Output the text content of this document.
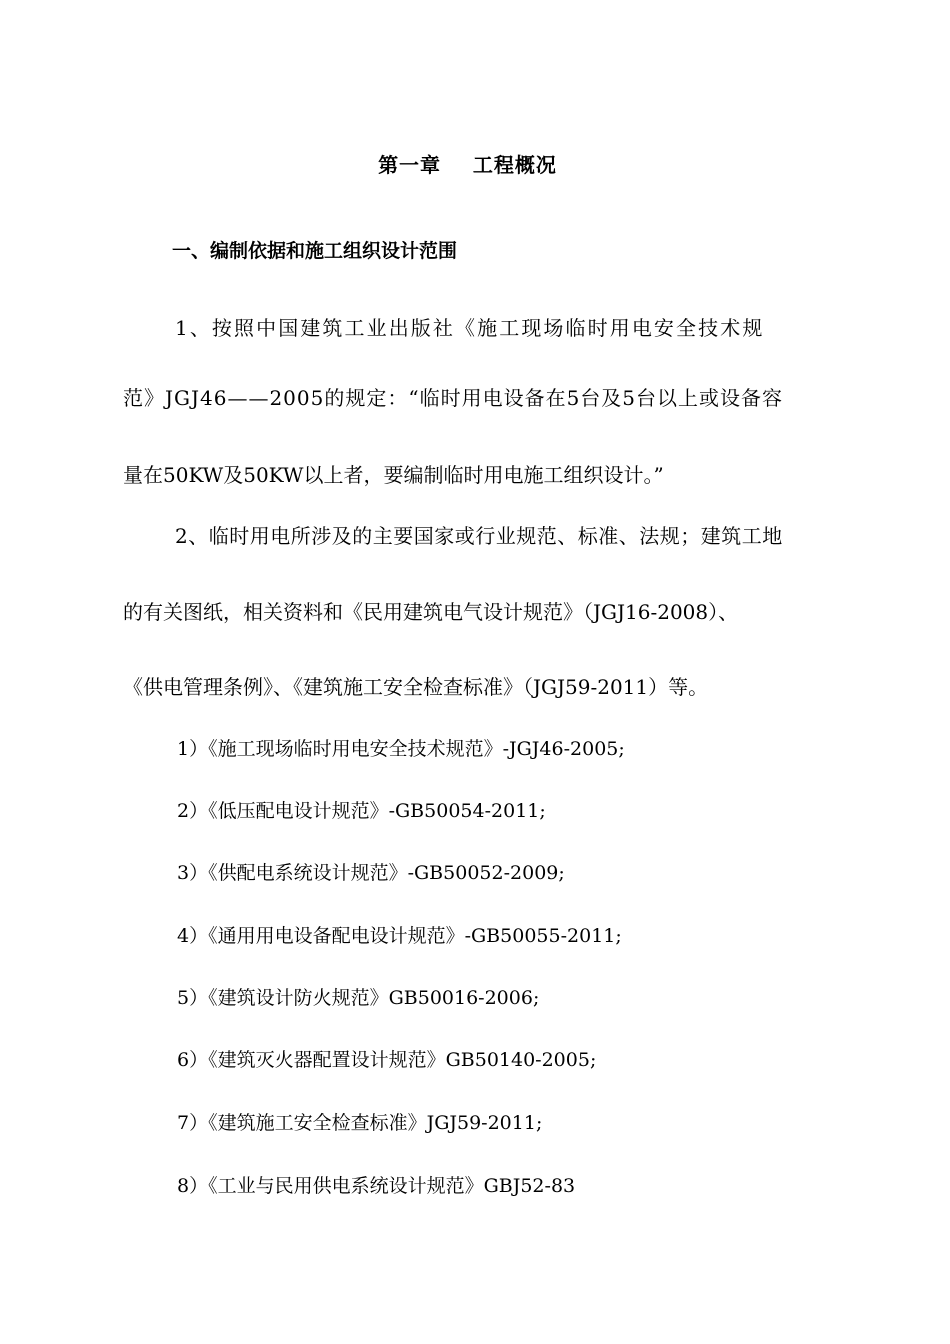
第一章    工程概况
一、编制依据和施工组织设计范围
1、按照中国建筑工业出版社《施工现场临时用电安全技术规
范》JGJ46——2005的规定：“临时用电设备在5台及5台以上或设备容
量在50KW及50KW以上者，要编制临时用电施工组织设计。”
2、临时用电所涉及的主要国家或行业规范、标准、法规；建筑工地
的有关图纸，相关资料和《民用建筑电气设计规范》（JGJ16-2008）、
《供电管理条例》、《建筑施工安全检查标准》（JGJ59-2011）等。
1）《施工现场临时用电安全技术规范》-JGJ46-2005;
2）《低压配电设计规范》-GB50054-2011;
3）《供配电系统设计规范》-GB50052-2009;
4）《通用用电设备配电设计规范》-GB50055-2011;
5）《建筑设计防火规范》GB50016-2006;
6）《建筑灭火器配置设计规范》GB50140-2005;
7）《建筑施工安全检查标准》JGJ59-2011;
8）《工业与民用供电系统设计规范》GBJ52-83
